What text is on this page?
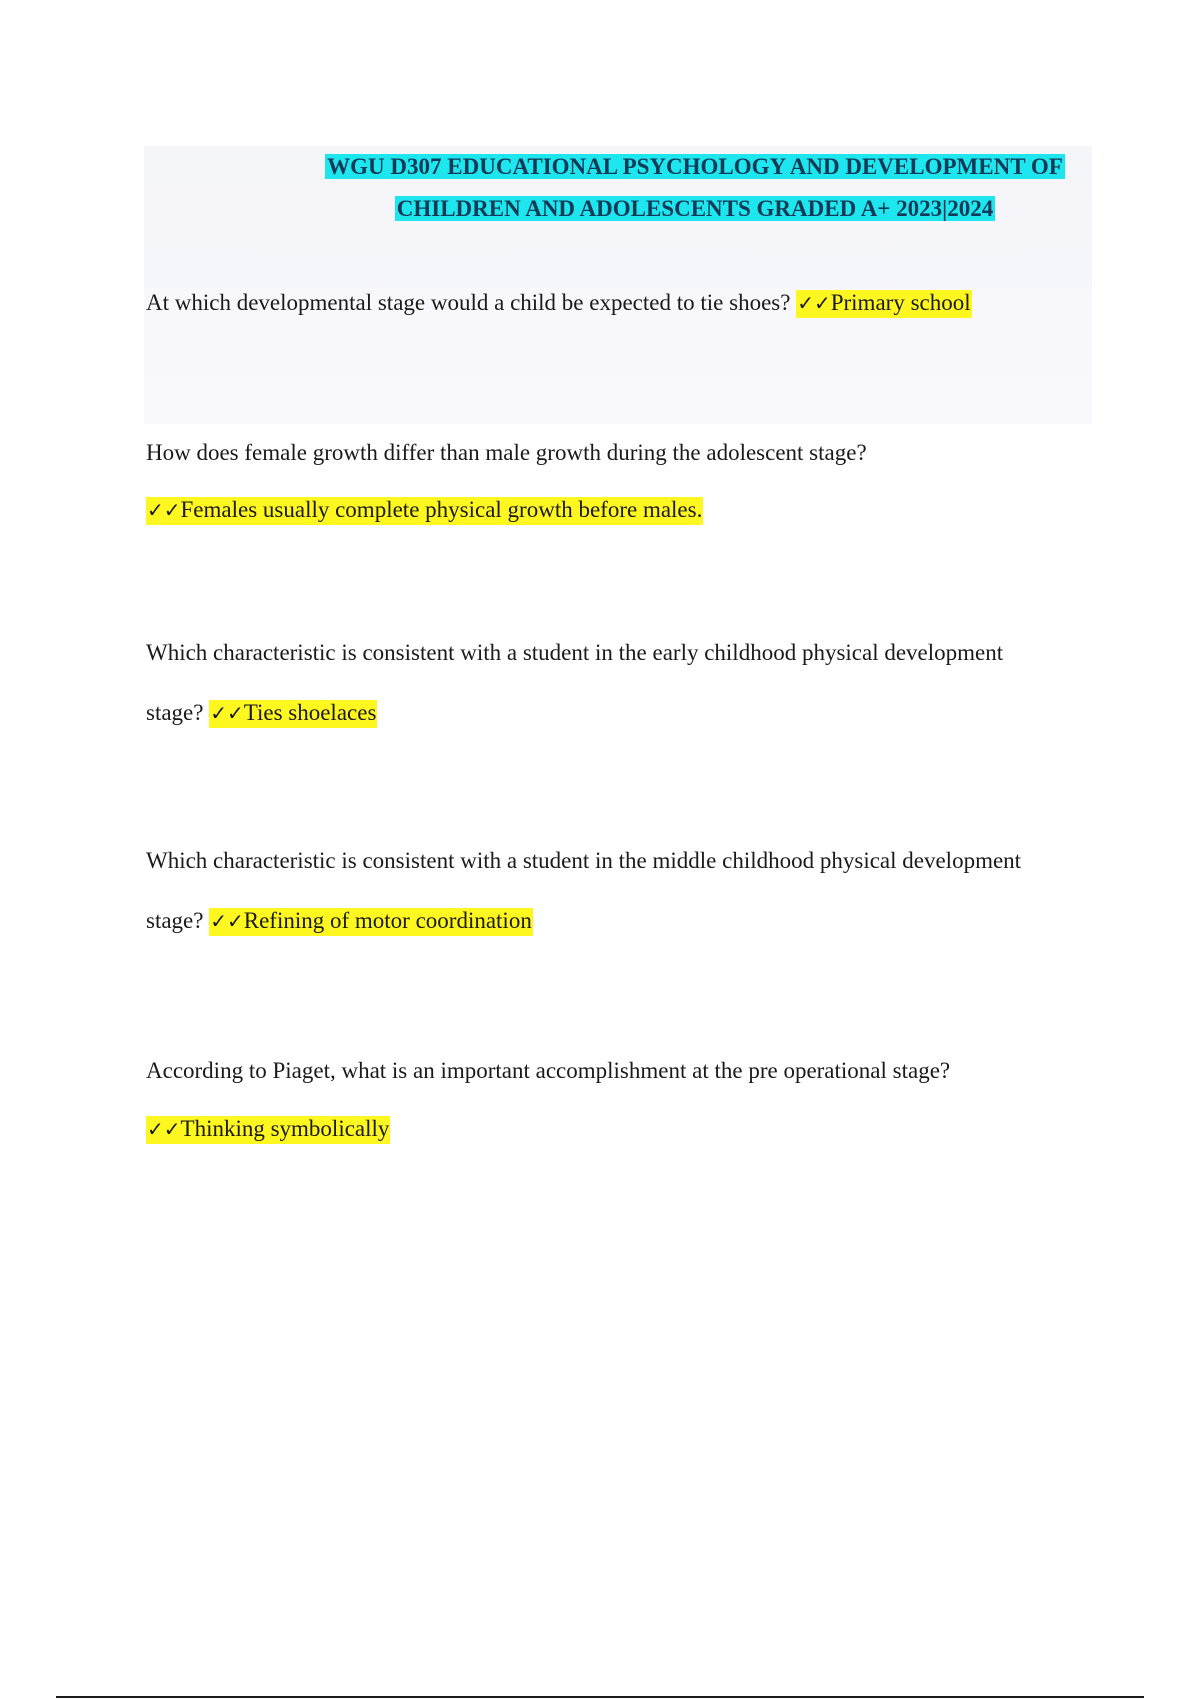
WGU D307 EDUCATIONAL PSYCHOLOGY AND DEVELOPMENT OF
CHILDREN AND ADOLESCENTS GRADED A+ 2023|2024
At which developmental stage would a child be expected to tie shoes? ✓✓Primary school
How does female growth differ than male growth during the adolescent stage?
✓✓Females usually complete physical growth before males.
Which characteristic is consistent with a student in the early childhood physical development
stage? ✓✓Ties shoelaces
Which characteristic is consistent with a student in the middle childhood physical development
stage? ✓✓Refining of motor coordination
According to Piaget, what is an important accomplishment at the pre operational stage?
✓✓Thinking symbolically
